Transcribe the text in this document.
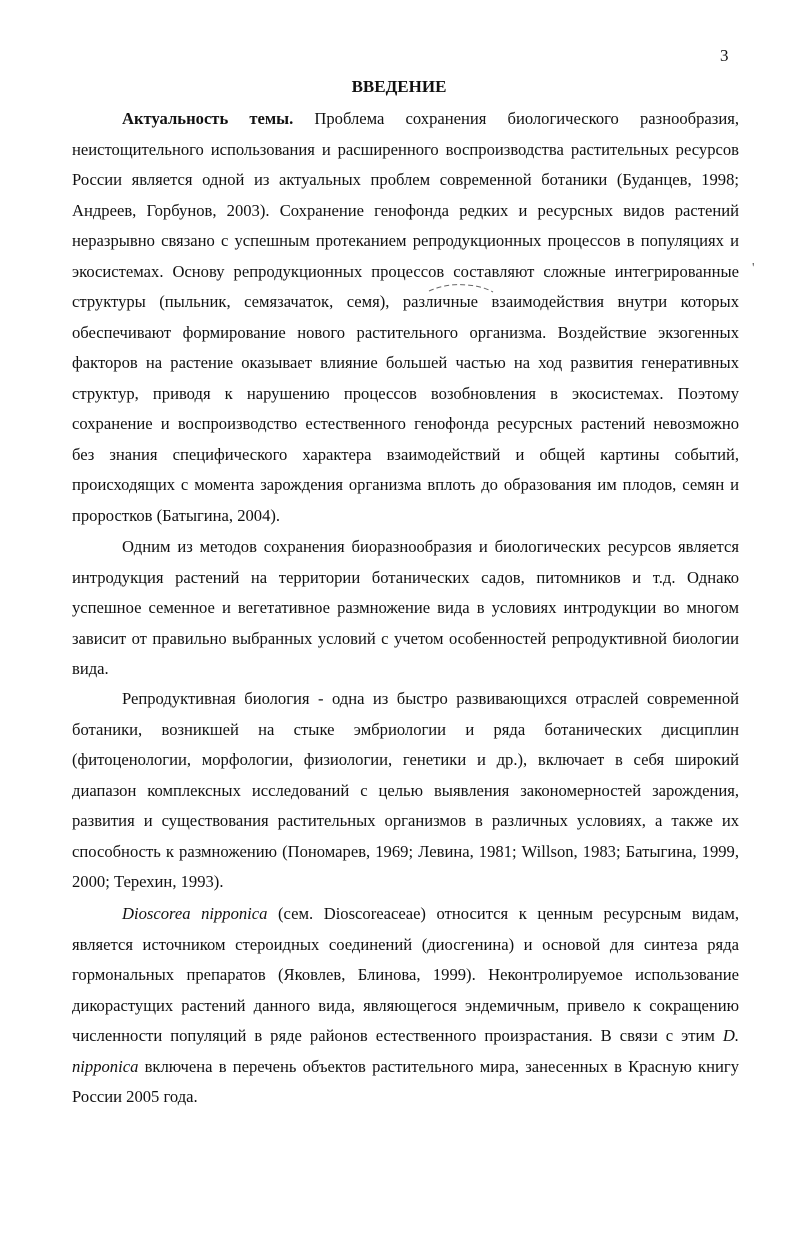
3
ВВЕДЕНИЕ
'
Актуальность темы. Проблема сохранения биологического разнообразия,
неистощительного использования и расширенного воспроизводства растительных ресурсов
России является одной из актуальных проблем современной ботаники (Буданцев, 1998;
Андреев, Горбунов, 2003). Сохранение генофонда редких и ресурсных видов растений
неразрывно связано с успешным протеканием репродукционных процессов в популяциях и
экосистемах. Основу репродукционных процессов составляют сложные интегрированные
структуры (пыльник, семязачаток, семя), различные взаимодействия внутри которых
обеспечивают формирование нового растительного организма. Воздействие экзогенных
факторов на растение оказывает влияние большей частью на ход развития генеративных
структур, приводя к нарушению процессов возобновления в экосистемах. Поэтому
сохранение и воспроизводство естественного генофонда ресурсных растений невозможно
без знания специфического характера взаимодействий и общей картины событий,
происходящих с момента зарождения организма вплоть до образования им плодов, семян и
проростков (Батыгина, 2004).
Одним из методов сохранения биоразнообразия и биологических ресурсов является
интродукция растений на территории ботанических садов, питомников и т.д. Однако
успешное семенное и вегетативное размножение вида в условиях интродукции во многом
зависит от правильно выбранных условий с учетом особенностей репродуктивной биологии
вида.
Репродуктивная биология - одна из быстро развивающихся отраслей современной
ботаники, возникшей на стыке эмбриологии и ряда ботанических дисциплин
(фитоценологии, морфологии, физиологии, генетики и др.), включает в себя широкий
диапазон комплексных исследований с целью выявления закономерностей зарождения,
развития и существования растительных организмов в различных условиях, а также их
способность к размножению (Пономарев, 1969; Левина, 1981; Willson, 1983; Батыгина, 1999,
2000; Терехин, 1993).
Dioscorea nipponica (сем. Dioscoreaceae) относится к ценным ресурсным видам,
является источником стероидных соединений (диосгенина) и основой для синтеза ряда
гормональных препаратов (Яковлев, Блинова, 1999). Неконтролируемое использование
дикорастущих растений данного вида, являющегося эндемичным, привело к сокращению
численности популяций в ряде районов естественного произрастания. В связи с этим D.
nipponica включена в перечень объектов растительного мира, занесенных в Красную книгу
России 2005 года.
